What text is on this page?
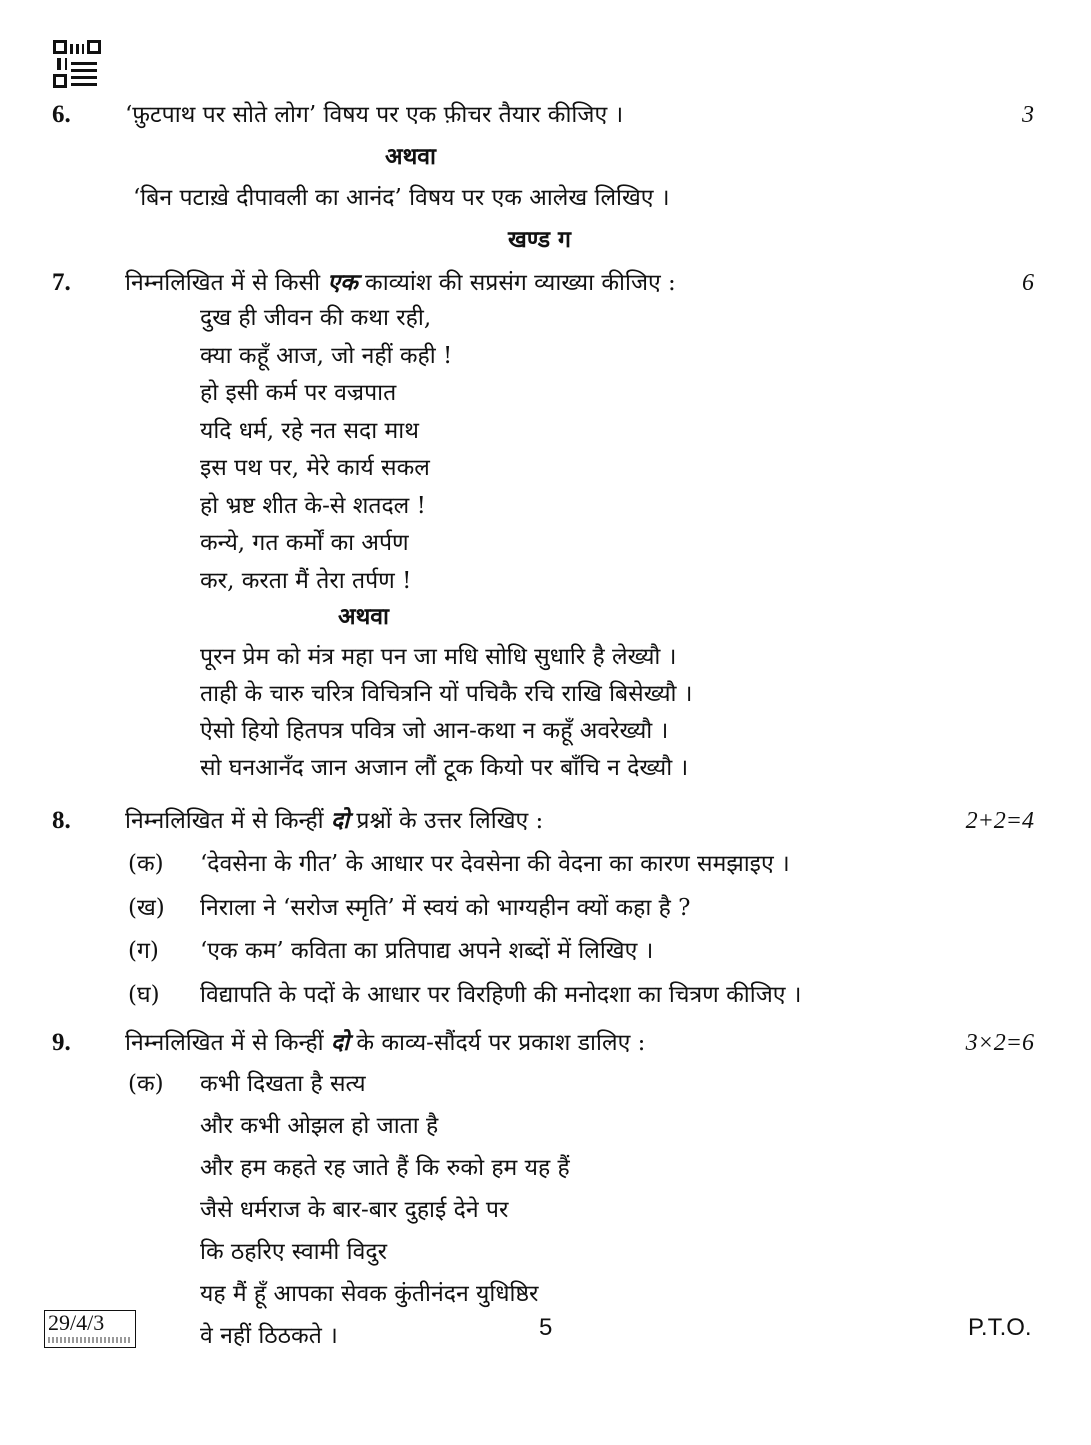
6. ‘फ़ुटपाथ पर सोते लोग’ विषय पर एक फ़ीचर तैयार कीजिए ।	3
अथवा
‘बिन पटाख़े दीपावली का आनंद’ विषय पर एक आलेख लिखिए ।
खण्ड ग
7. निम्नलिखित में से किसी एक काव्यांश की सप्रसंग व्याख्या कीजिए :	6
दुख ही जीवन की कथा रही,
क्या कहूँ आज, जो नहीं कही !
हो इसी कर्म पर वज्रपात
यदि धर्म, रहे नत सदा माथ
इस पथ पर, मेरे कार्य सकल
हो भ्रष्ट शीत के-से शतदल !
कन्ये, गत कर्मों का अर्पण
कर, करता मैं तेरा तर्पण !
अथवा
पूरन प्रेम को मंत्र महा पन जा मधि सोधि सुधारि है लेख्यौ ।
ताही के चारु चरित्र विचित्रनि यों पचिकै रचि राखि बिसेख्यौ ।
ऐसो हियो हितपत्र पवित्र जो आन-कथा न कहूँ अवरेख्यौ ।
सो घनआनँद जान अजान लौं टूक कियो पर बाँचि न देख्यौ ।
8. निम्नलिखित में से किन्हीं दो प्रश्नों के उत्तर लिखिए :	2+2=4
(क) ‘देवसेना के गीत’ के आधार पर देवसेना की वेदना का कारण समझाइए ।
(ख) निराला ने ‘सरोज स्मृति’ में स्वयं को भाग्यहीन क्यों कहा है ?
(ग) ‘एक कम’ कविता का प्रतिपाद्य अपने शब्दों में लिखिए ।
(घ) विद्यापति के पदों के आधार पर विरहिणी की मनोदशा का चित्रण कीजिए ।
9. निम्नलिखित में से किन्हीं दो के काव्य-सौंदर्य पर प्रकाश डालिए :	3×2=6
(क) कभी दिखता है सत्य
और कभी ओझल हो जाता है
और हम कहते रह जाते हैं कि रुको हम यह हैं
जैसे धर्मराज के बार-बार दुहाई देने पर
कि ठहरिए स्वामी विदुर
यह मैं हूँ आपका सेवक कुंतीनंदन युधिष्ठिर
वे नहीं ठिठकते ।
29/4/3	5	P.T.O.
